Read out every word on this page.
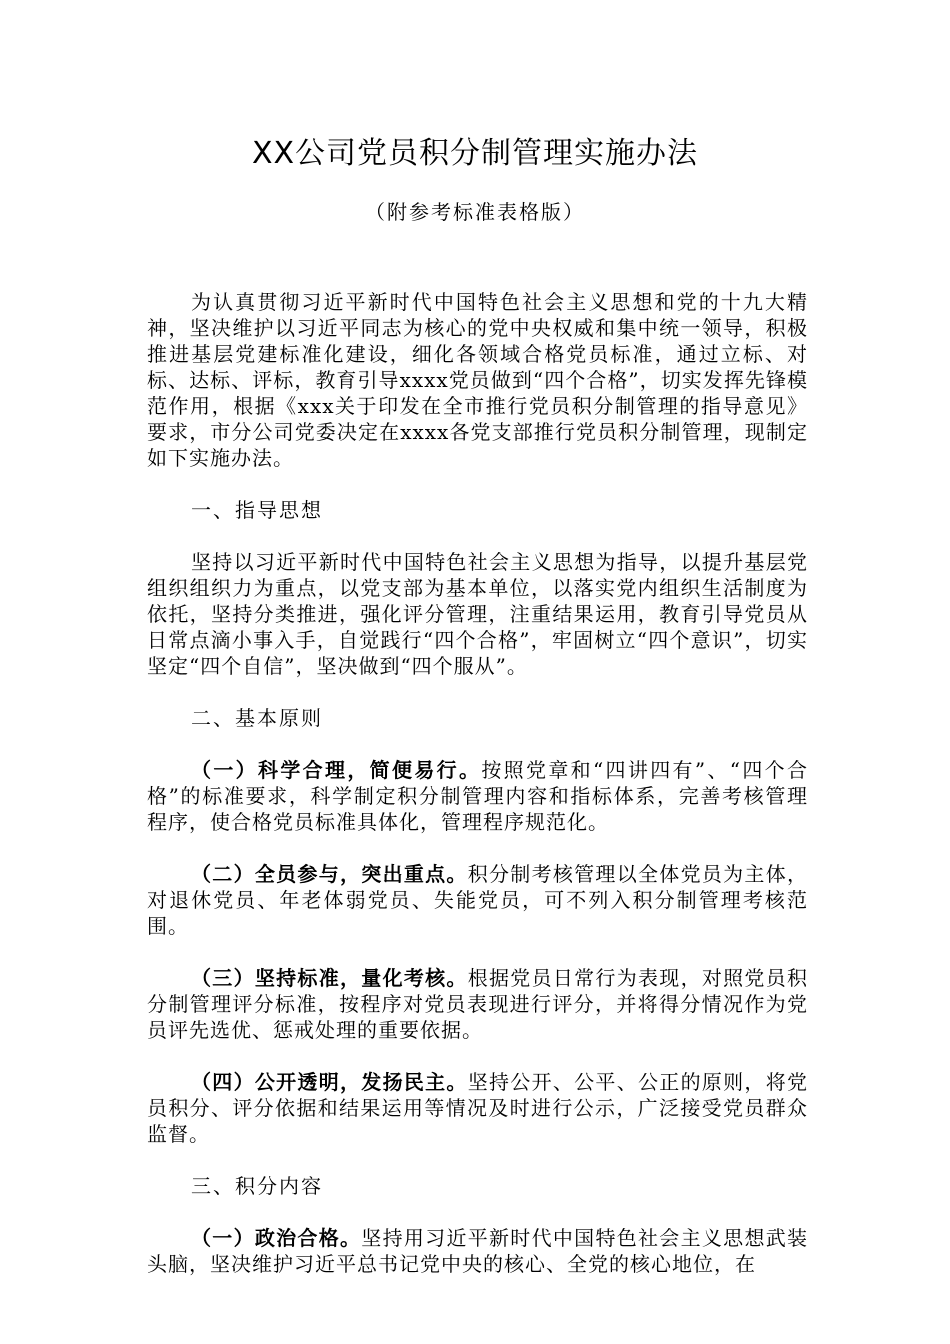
XX公司党员积分制管理实施办法
（附参考标准表格版）

为认真贯彻习近平新时代中国特色社会主义思想和党的十九大精神，坚决维护以习近平同志为核心的党中央权威和集中统一领导，积极推进基层党建标准化建设，细化各领域合格党员标准，通过立标、对标、达标、评标，教育引导xxxx党员做到“四个合格”，切实发挥先锋模范作用，根据《xxx关于印发在全市推行党员积分制管理的指导意见》要求，市分公司党委决定在xxxx各党支部推行党员积分制管理，现制定如下实施办法。

一、指导思想

坚持以习近平新时代中国特色社会主义思想为指导，以提升基层党组织组织力为重点，以党支部为基本单位，以落实党内组织生活制度为依托，坚持分类推进，强化评分管理，注重结果运用，教育引导党员从日常点滴小事入手，自觉践行“四个合格”，牢固树立“四个意识”，切实坚定“四个自信”，坚决做到“四个服从”。

二、基本原则

（一）科学合理，简便易行。按照党章和“四讲四有”、“四个合格”的标准要求，科学制定积分制管理内容和指标体系，完善考核管理程序，使合格党员标准具体化，管理程序规范化。

（二）全员参与，突出重点。积分制考核管理以全体党员为主体，对退休党员、年老体弱党员、失能党员，可不列入积分制管理考核范围。

（三）坚持标准，量化考核。根据党员日常行为表现，对照党员积分制管理评分标准，按程序对党员表现进行评分，并将得分情况作为党员评先选优、惩戒处理的重要依据。

（四）公开透明，发扬民主。坚持公开、公平、公正的原则，将党员积分、评分依据和结果运用等情况及时进行公示，广泛接受党员群众监督。

三、积分内容

（一）政治合格。坚持用习近平新时代中国特色社会主义思想武装头脑，坚决维护习近平总书记党中央的核心、全党的核心地位，在
